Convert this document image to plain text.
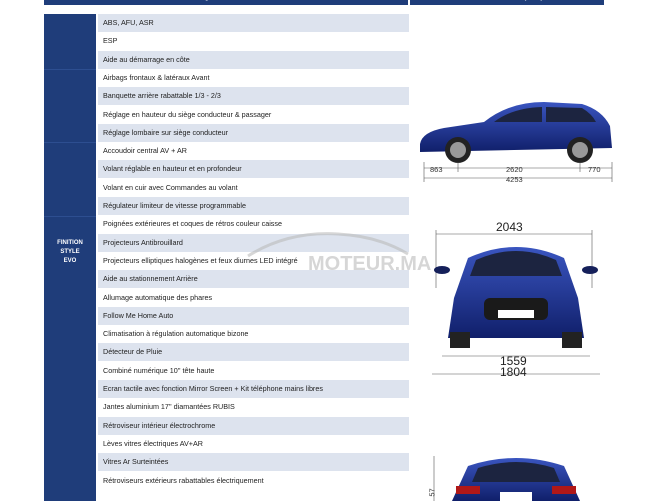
FINITION
STYLE
EVO
ABS, AFU, ASR
ESP
Aide au démarrage en côte
Airbags frontaux & latéraux Avant
Banquette arrière rabattable 1/3 - 2/3
Réglage en hauteur du siège conducteur & passager
Réglage lombaire sur siège conducteur
Accoudoir central AV + AR
Volant réglable en hauteur et en profondeur
Volant en cuir avec Commandes au volant
Régulateur limiteur de vitesse programmable
Poignées extérieures et coques de rétros couleur caisse
Projecteurs Antibrouillard
Projecteurs elliptiques halogènes et feux diurnes LED intégré
Aide au stationnement Arrière
Allumage automatique des phares
Follow Me Home Auto
Climatisation à régulation automatique bizone
Détecteur de Pluie
Combiné numérique 10'' tête haute
Ecran tactile avec fonction Mirror Screen + Kit téléphone mains libres
Jantes aluminium 17'' diamantées RUBIS
Rétroviseur intérieur électrochrome
Lèves vitres électriques AV+AR
Vitres Ar Surteintées
Rétroviseurs extérieurs rabattables électriquement
863	2620	770
4253
2043
1559
1804
57
MOTEUR.MA
